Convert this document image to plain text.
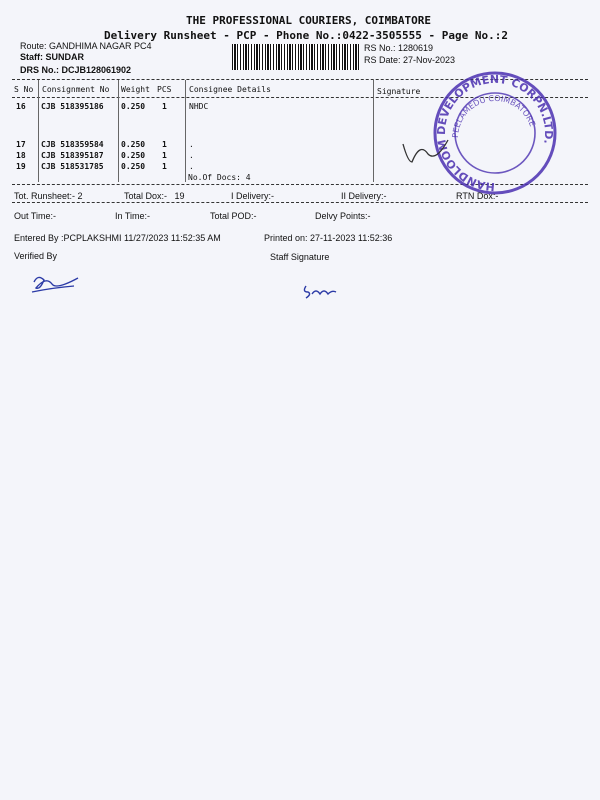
THE PROFESSIONAL COURIERS, COIMBATORE
Delivery Runsheet - PCP - Phone No.:0422-3505555 - Page No.:2
Route: GANDHIMA NAGAR PC4
Staff: SUNDAR
DRS No.: DCJB128061902
RS No.: 1280619
RS Date: 27-Nov-2023
S No Consignment No Weight PCS Consignee Details	Signature
16 CJB 518395186 0.250 1	NHDC
17 CJB 518359584 0.250 1	.
18 CJB 518395187 0.250 1	.
19 CJB 518531785 0.250 1	.
No.Of Docs: 4
HANDLOOM DEVELOPMENT CORPN.LTD.
PEELAMEDU COIMBATORE
Tot. Runsheet:- 2	Total Dox:-   19	I Delivery:-	II Delivery:-	RTN Dox:-
Out Time:-	In Time:-	Total POD:-	Delvy Points:-
Entered By :PCPLAKSHMI 11/27/2023 11:52:35 AM	Printed on: 27-11-2023 11:52:36
Verified By	Staff Signature
